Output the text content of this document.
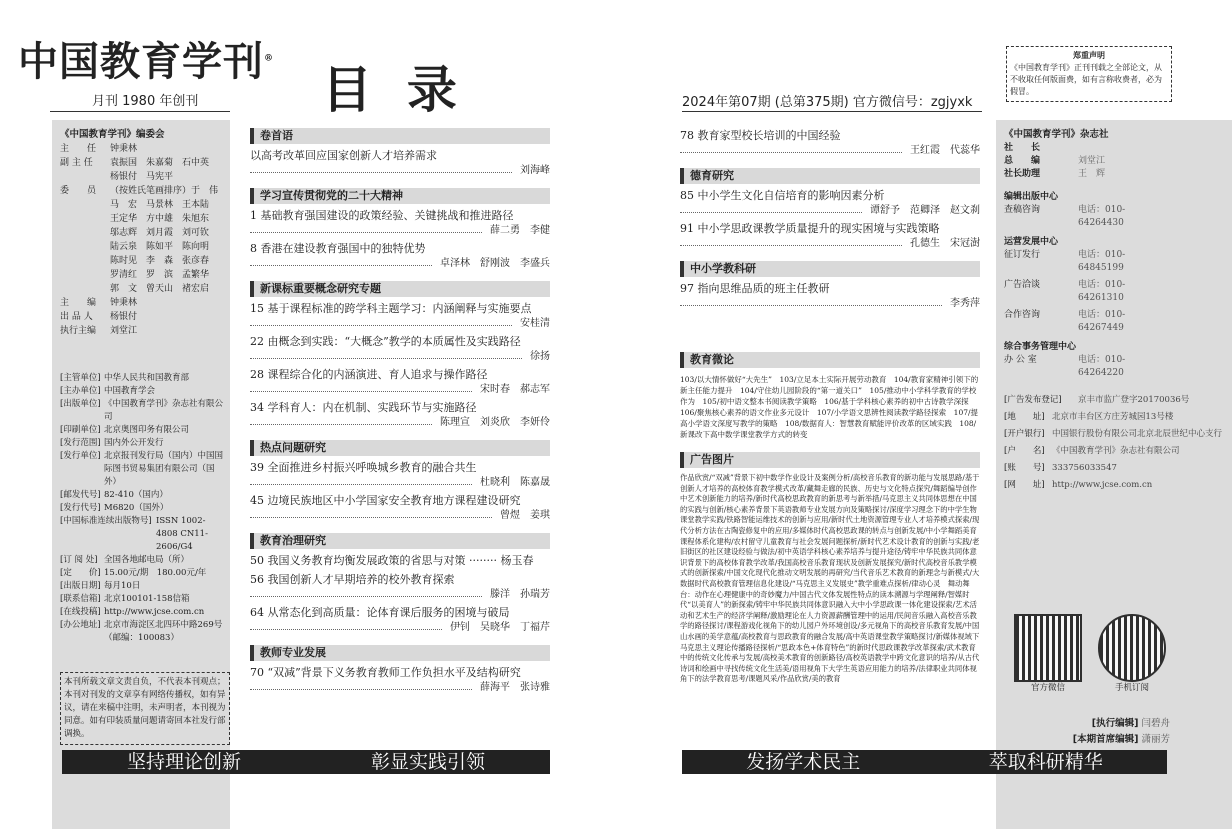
中国教育学刊®
月刊 1980 年创刊 目  录
《中国教育学刊》编委会
主　　任	钟秉林
副 主 任	袁振国　朱嘉菊　石中英　杨银付　马宪平
委　　员	（按姓氏笔画排序）于　伟　马　宏　马景林　王本陆　王定华　方中雄　朱旭东　邬志辉　刘月霞　刘可钦　陆云泉　陈如平　陈向明　陈时见　李　森　张彦春　罗清红　罗　滨　孟繁华　郭　文　曾天山　褚宏启
主　　编	钟秉林
出 品 人	杨银付
执行主编	刘堂江
[主管单位] 中华人民共和国教育部
[主办单位] 中国教育学会
[出版单位] 《中国教育学刊》杂志社有限公司
[印刷单位] 北京奥图印务有限公司
[发行范围] 国内外公开发行
[发行单位] 北京报刊发行局（国内）中国国际图书贸易集团有限公司（国外）
[邮发代号] 82-410（国内）
[发行代号] M6820（国外）
[中国标准连续出版物号] ISSN 1002-4808 CN11-2606/G4
[订 阅 处] 全国各地邮电局（所）
[定　　价] 15.00元/期　180.00元/年
[出版日期] 每月10日
[联系信箱] 北京100101-158信箱
[在线投稿] http://www.jcse.com.cn
[办公地址] 北京市海淀区北四环中路269号（邮编：100083）
本刊所载文章文责自负，不代表本刊观点；本刊对刊发的文章享有网络传播权，如有异议，请在来稿中注明，未声明者，本刊视为同意。如有印装质量问题请寄回本社发行部调换。
卷首语
以高考改革回应国家创新人才培养需求
刘海峰
学习宣传贯彻党的二十大精神
1 基础教育强国建设的政策经验、关键挑战和推进路径
薛二勇　李健
8 香港在建设教育强国中的独特优势
卓泽林　舒刚波　李盛兵
新课标重要概念研究专题
15 基于课程标准的跨学科主题学习：内涵阐释与实施要点
安桂清
22 由概念到实践：“大概念”教学的本质属性及实践路径
徐扬
28 课程综合化的内涵演进、育人追求与操作路径
宋时春　郝志军
34 学科育人：内在机制、实践环节与实施路径
陈理宣　刘炎欣　李妍伶
热点问题研究
39 全面推进乡村振兴呼唤城乡教育的融合共生
杜晓利　陈嘉晟
45 边境民族地区中小学国家安全教育地方课程建设研究
曾煜　姜琪
教育治理研究
50 我国义务教育均衡发展政策的省思与对策 ········ 杨玉春
56 我国创新人才早期培养的校外教育探索
滕洋　孙瑞芳
64 从常态化到高质量：论体育课后服务的困境与破局
伊钊　吴晓华　丁福芹
教师专业发展
70 “双减”背景下义务教育教师工作负担水平及结构研究
薛海平　张诗雅
坚持理论创新	彰显实践引领
2024年第07期 (总第375期) 官方微信号：zgjyxk
郑重声明
《中国教育学刊》正刊刊载之全部论文，从不收取任何版面费，如有言称收费者，必为假冒。
78 教育家型校长培训的中国经验
王红霞　代蕊华
德育研究
85 中小学生文化自信培育的影响因素分析
谭舒予　范卿泽　赵文刹
91 中小学思政课教学质量提升的现实困境与实践策略
孔德生　宋冠澍
中小学教科研
97 指向思维品质的班主任教研
李秀萍
教育微论
103/以大情怀做好“大先生”　103/立足本土实际开展劳动教育　104/教育家精神引领下的新主任能力提升　104/守住幼儿园阶段的“第一道关口”　105/推动中小学科学教育的学校作为　105/初中语文整本书阅读教学策略　106/基于学科核心素养的初中古诗教学深探　106/聚焦核心素养的语文作业多元设计　107/小学语文思辨性阅读教学路径探索　107/提高小学语文深度写教学的策略　108/数据育人：智慧教育赋能评价改革的区域实践　108/新课改下高中数学课堂教学方式的转变
广告图片
作品欣赏/“双减”背景下初中数学作业设计及案例分析/高校音乐教育的新功能与发展思路/基于创新人才培养的高校体育教学模式改革/藏舞走廊的民族、历史与文化特点探究/舞蹈编导创作中艺术创新能力的培养/新时代高校思政教育的新思考与新举措/马克思主义共同体思想在中国的实践与创新/核心素养背景下英语教师专业发展方向及策略探讨/深度学习理念下的中学生物课堂教学实践/铁路智能运维技术的创新与应用/新时代土地资源管理专业人才培养模式探索/现代分析方法在古陶瓷修复中的应用/多媒体时代高校思政课的转点与创新发展/中小学舞蹈美育课程体系化建构/农村留守儿童教育与社会发展问题探析/新时代艺术设计教育的创新与实践/老旧街区的社区建设经验与做法/初中英语学科核心素养培养与提升途径/铸牢中华民族共同体意识背景下的高校体育教学改革/我国高校音乐教育现状及创新发展探究/新时代高校音乐教学模式的创新探索/中国文化现代化推动文明发展的再研究/当代音乐艺术教育的新理念与新模式/大数据时代高校教育管理信息化建设/“马克思主义发展史”教学重难点探析/律动心灵　舞动舞台：动作在心理健康中的奇妙魔力/中国古代文体发展性特点的读本溯源与学理阐释/智媒时代“以美育人”的新探索/铸牢中华民族共同体意识融入大中小学思政课一体化建设探索/艺术活动和艺术生产的经济学阐释/激励理论在人力资源薪酬管理中的运用/民间音乐融入高校音乐教学的路径探讨/课程游戏化视角下的幼儿园户外环境创设/多元视角下的高校音乐教育发展/中国山水画的美学意蕴/高校教育与思政教育的融合发展/高中英语课堂教学策略探讨/新媒体视域下马克思主义理论传播路径探析/“思政本色+体育特色”的新时代思政课教学改革探索/武术教育中的传统文化传承与发展/高校美术教育的创新路径/高校英语教学中跨文化意识的培养/从古代诗词和绘画中寻找传统文化生活美/语用视角下大学生英语应用能力的培养/法律职业共同体视角下的法学教育思考/课题风采/作品欣赏/美的教育
发扬学术民主	萃取科研精华
《中国教育学刊》杂志社
社　　长
总　　编	刘堂江
社长助理	王　辉
编辑出版中心
查稿咨询	电话：010-64264430
运营发展中心
征订发行	电话：010-64845199
广告洽谈	电话：010-64261310
合作咨询	电话：010-64267449
综合事务管理中心
办 公 室	电话：010-64264220
[广告发布登记]	京丰市监广登字20170036号
[地　　址] 北京市丰台区方庄芳城园13号楼
[开户银行] 中国银行股份有限公司北京北辰世纪中心支行
[户　　名] 《中国教育学刊》杂志社有限公司
[账　　号] 333756033547
[网　　址] http://www.jcse.com.cn
官方微信	手机订阅
[执行编辑] 闫碧舟
[本期首席编辑] 潇丽芳
